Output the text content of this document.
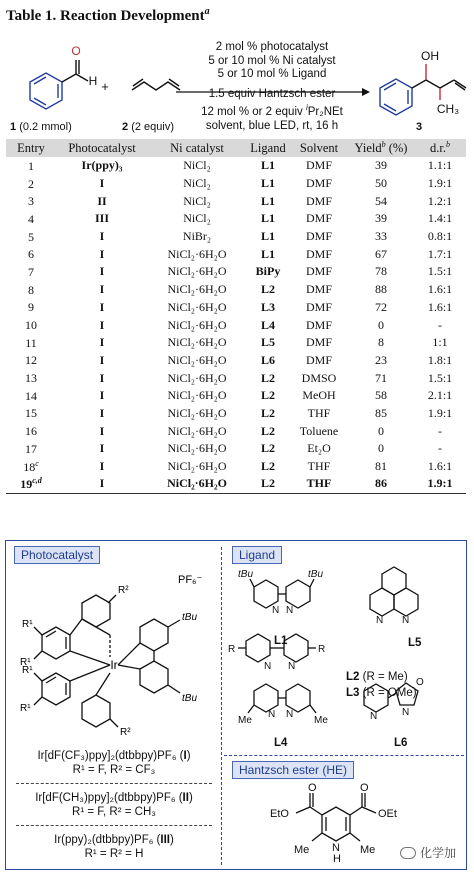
Table 1. Reaction Development$^a$
O
H
OH
CH₃
+
2 mol % photocatalyst
5 or 10 mol % Ni catalyst
5 or 10 mol % Ligand
1.5 equiv Hantzsch ester
12 mol % or 2 equiv $^i$Pr₂NEt
solvent, blue LED, rt, 16 h
1 (0.2 mmol)	2 (2 equiv)	3
Entry	Photocatalyst	Ni catalyst	Ligand	Solvent	Yield$^b$ (%)	d.r.$^b$
1	Ir(ppy)₃	NiCl₂	L1	DMF	39	1.1:1
2	I	NiCl₂	L1	DMF	50	1.9:1
3	II	NiCl₂	L1	DMF	54	1.2:1
4	III	NiCl₂	L1	DMF	39	1.4:1
5	I	NiBr₂	L1	DMF	33	0.8:1
6	I	NiCl₂·6H₂O	L1	DMF	67	1.7:1
7	I	NiCl₂·6H₂O	BiPy	DMF	78	1.5:1
8	I	NiCl₂·6H₂O	L2	DMF	88	1.6:1
9	I	NiCl₂·6H₂O	L3	DMF	72	1.6:1
10	I	NiCl₂·6H₂O	L4	DMF	0	-
11	I	NiCl₂·6H₂O	L5	DMF	8	1:1
12	I	NiCl₂·6H₂O	L6	DMF	23	1.8:1
13	I	NiCl₂·6H₂O	L2	DMSO	71	1.5:1
14	I	NiCl₂·6H₂O	L2	MeOH	58	2.1:1
15	I	NiCl₂·6H₂O	L2	THF	85	1.9:1
16	I	NiCl₂·6H₂O	L2	Toluene	0	-
17	I	NiCl₂·6H₂O	L2	Et₂O	0	-
18$^c$	I	NiCl₂·6H₂O	L2	THF	81	1.6:1
19$^{c,d}$	I	NiCl₂·6H₂O	L2	THF	86	1.9:1
Photocatalyst	Ligand
Ir
R¹
R¹
R¹
R¹
R²
R²
tBu
tBu
PF₆⁻
Ir[dF(CF₃)ppy]₂(dtbbpy)PF₆ (I)
R¹ = F, R² = CF₃
Ir[dF(CH₃)ppy]₂(dtbbpy)PF₆ (II)
R¹ = F, R² = CH₃
Ir(ppy)₂(dtbbpy)PF₆ (III)
R¹ = R² = H
tBu	tBu
N N
N N
R	R
N N
N N
Me	Me	N N
O
L1	L5
L2 (R = Me)
L3 (R = OMe)
L4	L6
Hantzsch ester (HE)
EtO	OEt
O	O
Me	Me
N
H	化学加
